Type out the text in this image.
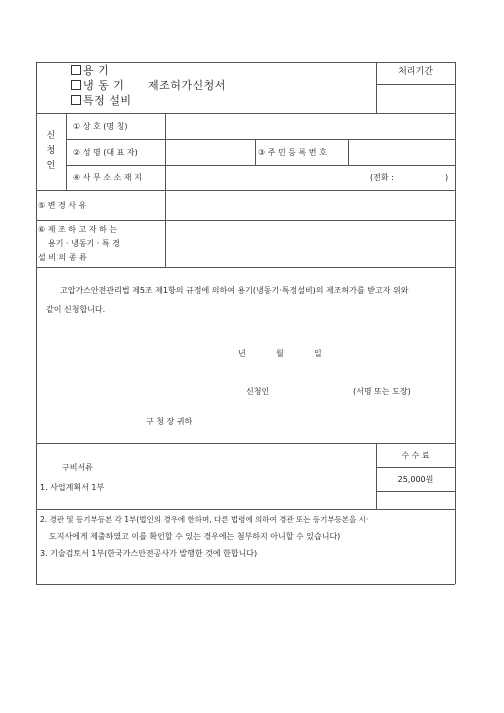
용 기
냉 동 기 제조허가신청서
특정 설비
처리기간
신
청
인
① 상 호 (명 칭)
② 성 명 (대 표 자)	③ 주 민 등 록 번 호
④ 사 무 소 소 재 지	(전화 :	)
⑤ 변 경 사 유
⑥ 제 조 하 고 자 하 는
용기 · 냉동기 · 특 경
설 비 의 종 류
고압가스안전관리법 제5조 제1항의 규정에 의하여 용기(냉동기·특정설비)의 제조허가를 받고자 위와
같이 신청합니다.
년	월	일
신청인	(서명 또는 도장)
구 청 장 귀하
구비서류
1. 사업계획서 1부
수 수 료
25,000원
2. 경관 및 등기부등본 각 1부(법인의 경우에 한하며, 다른 법령에 의하여 경관 또는 등기부등본을 시·
도지사에게 제출하였고 이를 확인할 수 있는 경우에는 첨부하지 아니할 수 있습니다)
3. 기술검토서 1부(한국가스안전공사가 발행한 것에 한합니다)
